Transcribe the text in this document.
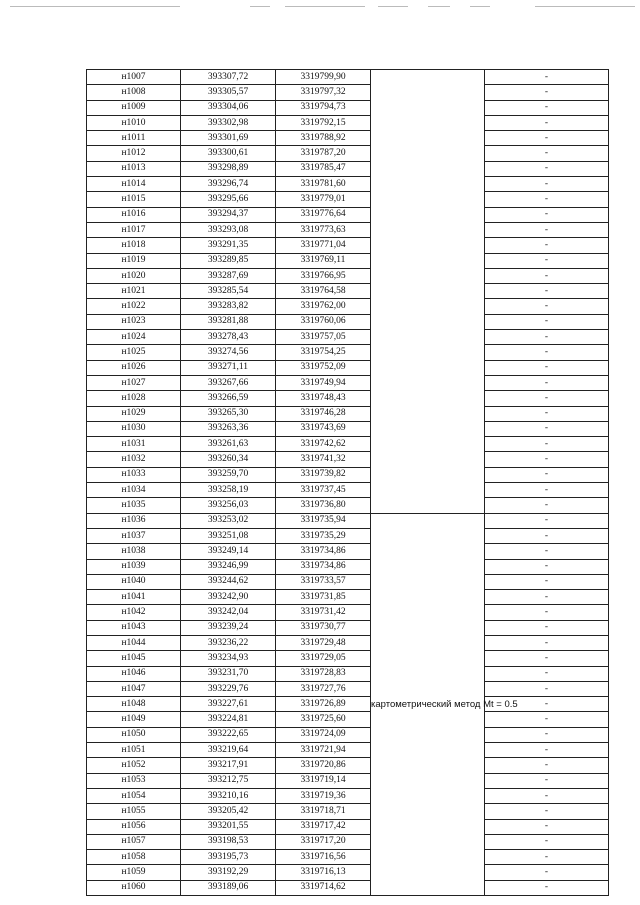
н1007	393307,72	3319799,90		-
н1008	393305,57	3319797,32		-
н1009	393304,06	3319794,73		-
н1010	393302,98	3319792,15		-
н1011	393301,69	3319788,92		-
н1012	393300,61	3319787,20		-
н1013	393298,89	3319785,47		-
н1014	393296,74	3319781,60		-
н1015	393295,66	3319779,01		-
н1016	393294,37	3319776,64		-
н1017	393293,08	3319773,63		-
н1018	393291,35	3319771,04		-
н1019	393289,85	3319769,11		-
н1020	393287,69	3319766,95		-
н1021	393285,54	3319764,58		-
н1022	393283,82	3319762,00		-
н1023	393281,88	3319760,06		-
н1024	393278,43	3319757,05		-
н1025	393274,56	3319754,25		-
н1026	393271,11	3319752,09		-
н1027	393267,66	3319749,94		-
н1028	393266,59	3319748,43		-
н1029	393265,30	3319746,28		-
н1030	393263,36	3319743,69		-
н1031	393261,63	3319742,62		-
н1032	393260,34	3319741,32		-
н1033	393259,70	3319739,82		-
н1034	393258,19	3319737,45		-
н1035	393256,03	3319736,80		-
н1036	393253,02	3319735,94	картометрический метод Mt = 0.5	-
н1037	393251,08	3319735,29		-
н1038	393249,14	3319734,86		-
н1039	393246,99	3319734,86		-
н1040	393244,62	3319733,57		-
н1041	393242,90	3319731,85		-
н1042	393242,04	3319731,42		-
н1043	393239,24	3319730,77		-
н1044	393236,22	3319729,48		-
н1045	393234,93	3319729,05		-
н1046	393231,70	3319728,83		-
н1047	393229,76	3319727,76		-
н1048	393227,61	3319726,89		-
н1049	393224,81	3319725,60		-
н1050	393222,65	3319724,09		-
н1051	393219,64	3319721,94		-
н1052	393217,91	3319720,86		-
н1053	393212,75	3319719,14		-
н1054	393210,16	3319719,36		-
н1055	393205,42	3319718,71		-
н1056	393201,55	3319717,42		-
н1057	393198,53	3319717,20		-
н1058	393195,73	3319716,56		-
н1059	393192,29	3319716,13		-
н1060	393189,06	3319714,62		-
